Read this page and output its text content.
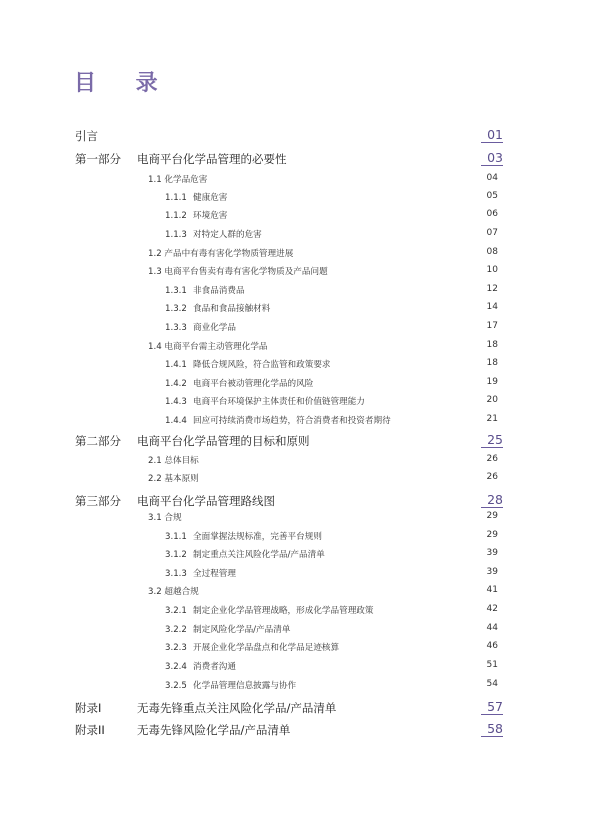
目 录
引言	01
第一部分 电商平台化学品管理的必要性	03
1.1 化学品危害	04
1.1.1 健康危害	05
1.1.2 环境危害	06
1.1.3 对特定人群的危害	07
1.2 产品中有毒有害化学物质管理进展	08
1.3 电商平台售卖有毒有害化学物质及产品问题	10
1.3.1 非食品消费品	12
1.3.2 食品和食品接触材料	14
1.3.3 商业化学品	17
1.4 电商平台需主动管理化学品	18
1.4.1 降低合规风险，符合监管和政策要求	18
1.4.2 电商平台被动管理化学品的风险	19
1.4.3 电商平台环境保护主体责任和价值链管理能力	20
1.4.4 回应可持续消费市场趋势，符合消费者和投资者期待	21
第二部分 电商平台化学品管理的目标和原则	25
2.1 总体目标	26
2.2 基本原则	26
第三部分 电商平台化学品管理路线图	28
3.1 合规	29
3.1.1 全面掌握法规标准，完善平台规则	29
3.1.2 制定重点关注风险化学品/产品清单	39
3.1.3 全过程管理	39
3.2 超越合规	41
3.2.1 制定企业化学品管理战略，形成化学品管理政策	42
3.2.2 制定风险化学品/产品清单	44
3.2.3 开展企业化学品盘点和化学品足迹核算	46
3.2.4 消费者沟通	51
3.2.5 化学品管理信息披露与协作	54
附录I	无毒先锋重点关注风险化学品/产品清单	57
附录II	无毒先锋风险化学品/产品清单	58
